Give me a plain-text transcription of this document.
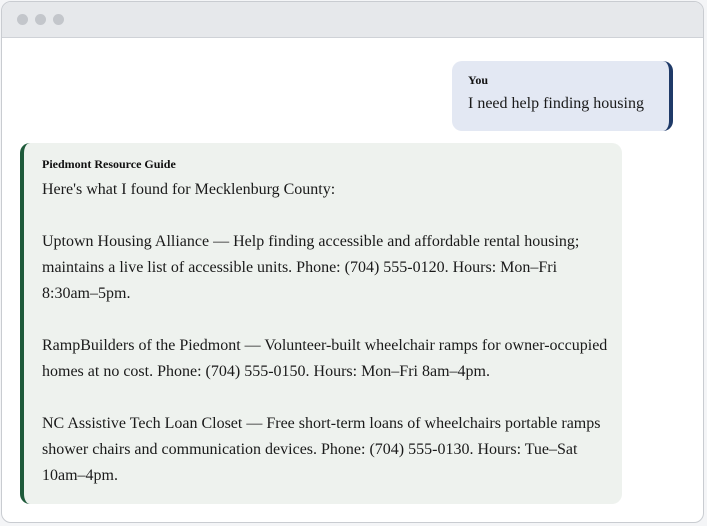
You
I need help finding housing
Piedmont Resource Guide

Here's what I found for Mecklenburg County:

Uptown Housing Alliance — Help finding accessible and affordable rental housing; maintains a live list of accessible units. Phone: (704) 555-0120. Hours: Mon–Fri 8:30am–5pm.

RampBuilders of the Piedmont — Volunteer-built wheelchair ramps for owner-occupied homes at no cost. Phone: (704) 555-0150. Hours: Mon–Fri 8am–4pm.

NC Assistive Tech Loan Closet — Free short-term loans of wheelchairs portable ramps shower chairs and communication devices. Phone: (704) 555-0130. Hours: Tue–Sat 10am–4pm.
